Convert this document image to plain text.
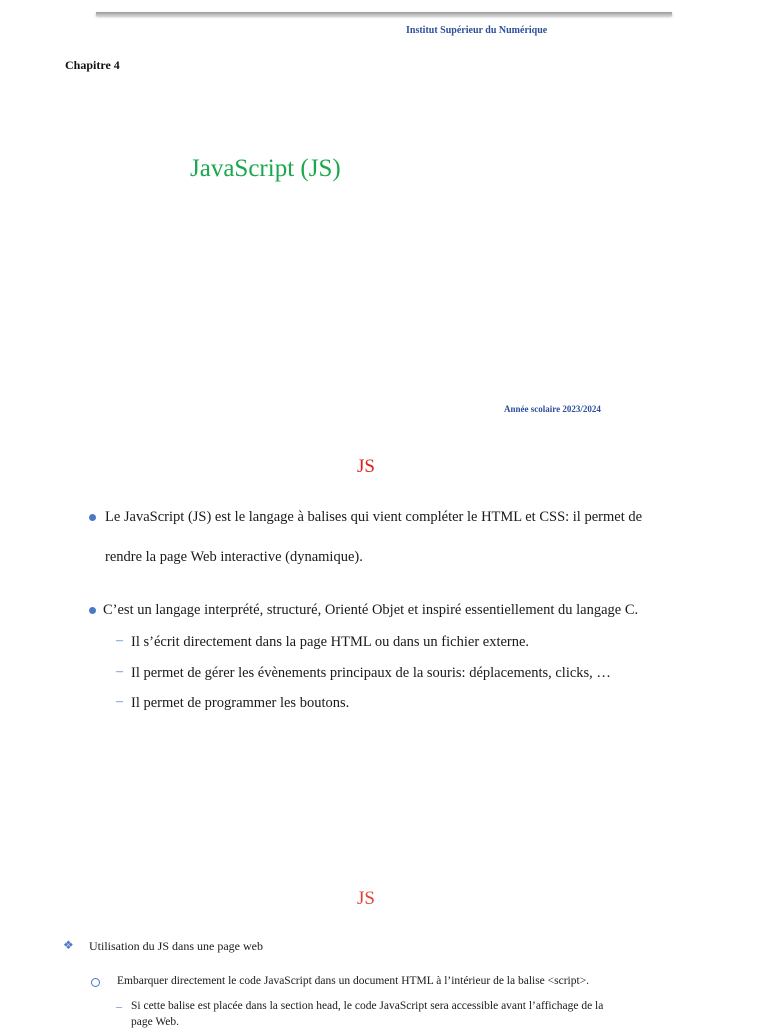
Institut Supérieur du Numérique
Chapitre 4
JavaScript (JS)
Année scolaire 2023/2024
JS
Le JavaScript (JS) est le langage à balises qui vient compléter le HTML et CSS: il permet de
rendre la page Web interactive (dynamique).
C’est un langage interprété, structuré, Orienté Objet et inspiré essentiellement du langage C.
– Il s’écrit directement dans la page HTML ou dans un fichier externe.
– Il permet de gérer les évènements principaux de la souris: déplacements, clicks, …
– Il permet de programmer les boutons.
JS
❖ Utilisation du JS dans une page web
Embarquer directement le code JavaScript dans un document HTML à l’intérieur de la balise <script>.
– Si cette balise est placée dans la section head, le code JavaScript sera accessible avant l’affichage de la
page Web.
